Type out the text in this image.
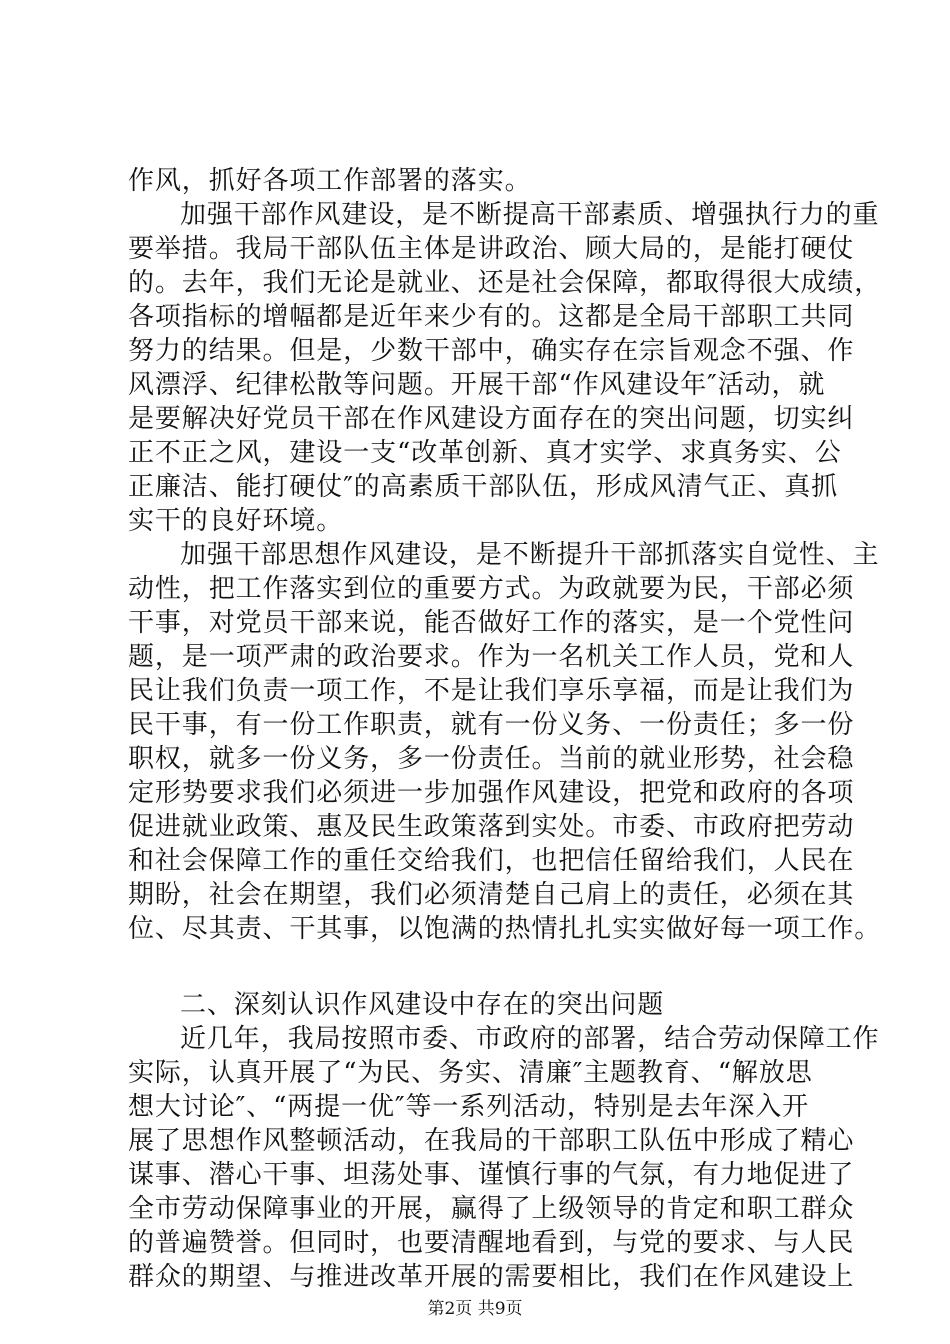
作风，抓好各项工作部署的落实。
加强干部作风建设，是不断提高干部素质、增强执行力的重
要举措。我局干部队伍主体是讲政治、顾大局的，是能打硬仗
的。去年，我们无论是就业、还是社会保障，都取得很大成绩，
各项指标的增幅都是近年来少有的。这都是全局干部职工共同
努力的结果。但是，少数干部中，确实存在宗旨观念不强、作
风漂浮、纪律松散等问题。开展干部“作风建设年″活动，就
是要解决好党员干部在作风建设方面存在的突出问题，切实纠
正不正之风，建设一支“改革创新、真才实学、求真务实、公
正廉洁、能打硬仗″的高素质干部队伍，形成风清气正、真抓
实干的良好环境。
加强干部思想作风建设，是不断提升干部抓落实自觉性、主
动性，把工作落实到位的重要方式。为政就要为民，干部必须
干事，对党员干部来说，能否做好工作的落实，是一个党性问
题，是一项严肃的政治要求。作为一名机关工作人员，党和人
民让我们负责一项工作，不是让我们享乐享福，而是让我们为
民干事，有一份工作职责，就有一份义务、一份责任；多一份
职权，就多一份义务，多一份责任。当前的就业形势，社会稳
定形势要求我们必须进一步加强作风建设，把党和政府的各项
促进就业政策、惠及民生政策落到实处。市委、市政府把劳动
和社会保障工作的重任交给我们，也把信任留给我们，人民在
期盼，社会在期望，我们必须清楚自己肩上的责任，必须在其
位、尽其责、干其事，以饱满的热情扎扎实实做好每一项工作。
二、深刻认识作风建设中存在的突出问题
近几年，我局按照市委、市政府的部署，结合劳动保障工作
实际，认真开展了“为民、务实、清廉″主题教育、“解放思
想大讨论″、“两提一优″等一系列活动，特别是去年深入开
展了思想作风整顿活动，在我局的干部职工队伍中形成了精心
谋事、潜心干事、坦荡处事、谨慎行事的气氛，有力地促进了
全市劳动保障事业的开展，赢得了上级领导的肯定和职工群众
的普遍赞誉。但同时，也要清醒地看到，与党的要求、与人民
群众的期望、与推进改革开展的需要相比，我们在作风建设上
第2页 共9页
